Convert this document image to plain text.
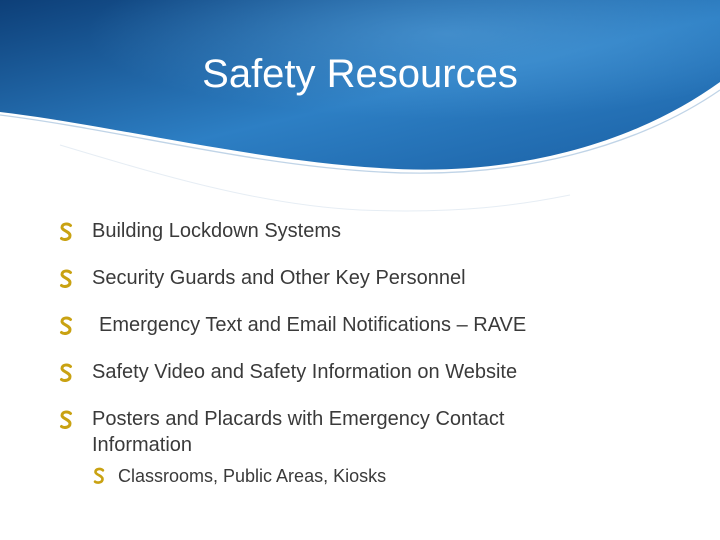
Safety Resources
Building Lockdown Systems
Security Guards and Other Key Personnel
Emergency Text and Email Notifications – RAVE
Safety Video and Safety Information on Website
Posters and Placards with Emergency Contact Information
Classrooms, Public Areas, Kiosks
